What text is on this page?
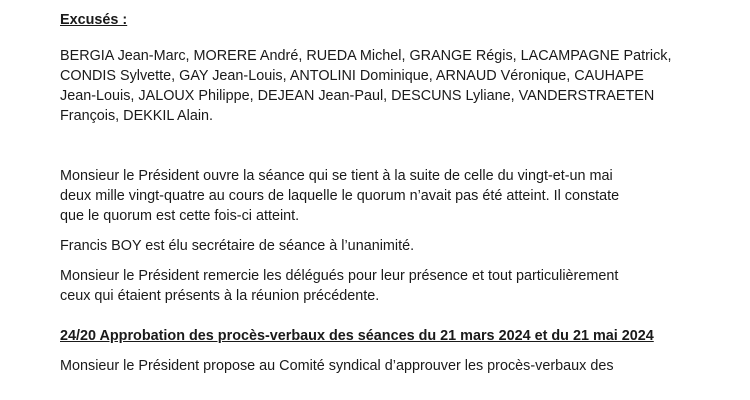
Excusés :

BERGIA Jean-Marc, MORERE André, RUEDA Michel, GRANGE Régis, LACAMPAGNE Patrick,
CONDIS Sylvette, GAY Jean-Louis, ANTOLINI Dominique, ARNAUD Véronique, CAUHAPE
Jean-Louis, JALOUX Philippe, DEJEAN Jean-Paul, DESCUNS Lyliane, VANDERSTRAETEN
François, DEKKIL Alain.
Monsieur le Président ouvre la séance qui se tient à la suite de celle du vingt-et-un mai
deux mille vingt-quatre au cours de laquelle le quorum n’avait pas été atteint. Il constate
que le quorum est cette fois-ci atteint.

Francis BOY est élu secrétaire de séance à l’unanimité.

Monsieur le Président remercie les délégués pour leur présence et tout particulièrement
ceux qui étaient présents à la réunion précédente.

24/20 Approbation des procès-verbaux des séances du 21 mars 2024 et du 21 mai 2024

Monsieur le Président propose au Comité syndical d’approuver les procès-verbaux des
